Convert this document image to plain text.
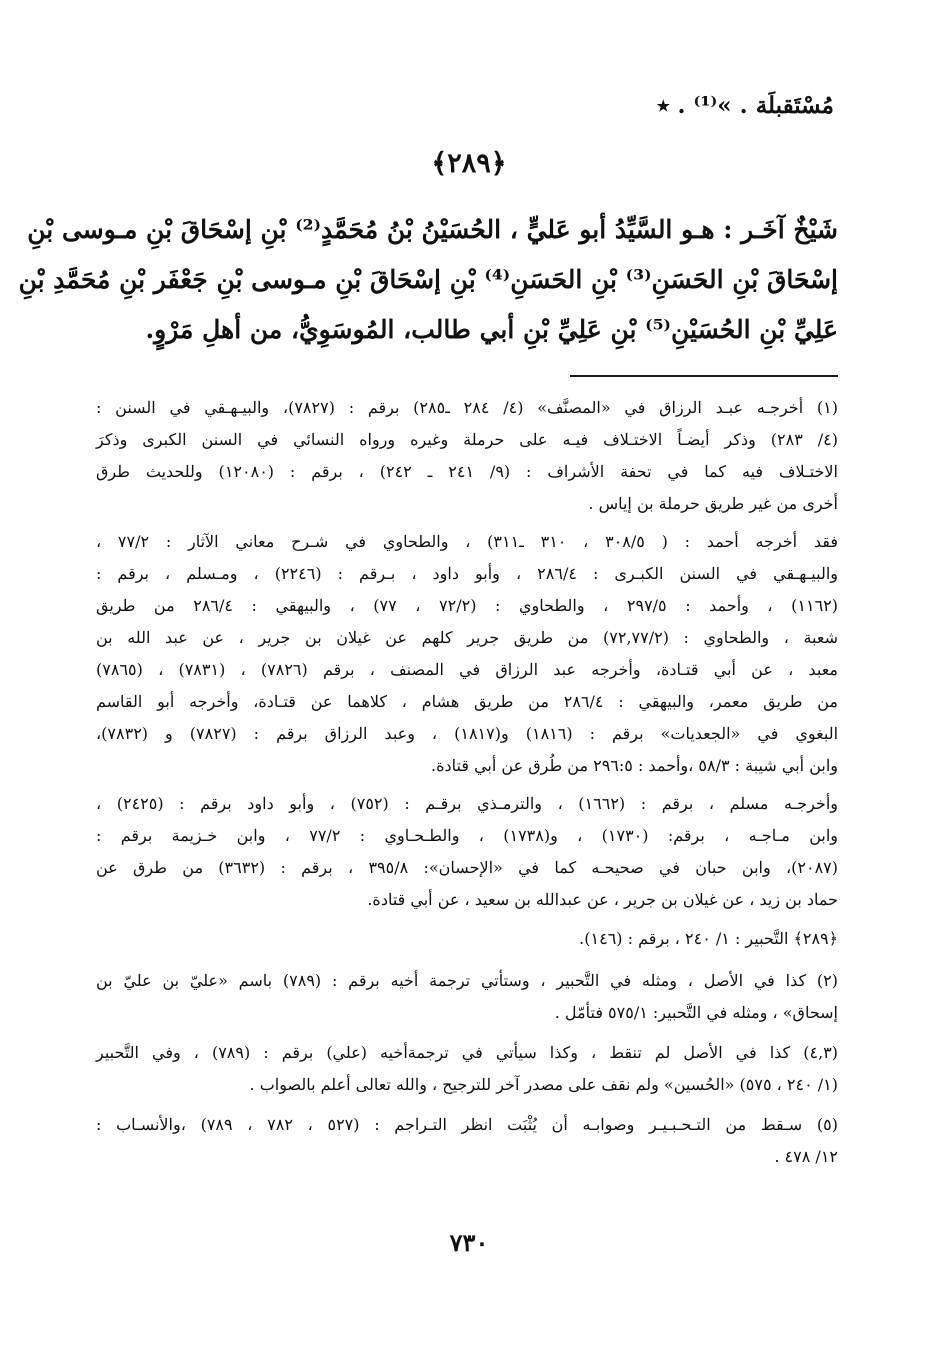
مُسْتَقبلَة . »⁽¹⁾ . ٭
﴿٢٨٩﴾
شَيْخٌ آخَـر : هـو السَّيِّدُ أبو عَليٍّ ، الحُسَيْنُ بْنُ مُحَمَّدٍ⁽²⁾ بْنِ إسْحَاقَ بْنِ مـوسى بْنِ
إسْحَاقَ بْنِ الحَسَنِ⁽³⁾ بْنِ الحَسَنِ⁽⁴⁾ بْنِ إسْحَاقَ بْنِ مـوسى بْنِ جَعْفَر بْنِ مُحَمَّدِ بْنِ
عَلِيِّ بْنِ الحُسَيْنِ⁽⁵⁾ بْنِ عَلِيِّ بْنِ أبي طالب، المُوسَوِيُّ، من أهلِ مَرْوٍ.
(١) أخرجـه عبـد الرزاق في «المصنَّف» (٤/ ٢٨٤ ـ٢٨٥) برقم : (٧٨٢٧)، والبيـهـقي في السنن :
(٤/ ٢٨٣) وذكر أيضـاً الاختـلاف فيـه على حرملة وغيره ورواه النسائي في السنن الكبرى وذكرَ
الاختـلاف فيه كما في تحفة الأشراف : (٩/ ٢٤١ ـ ٢٤٢) ، برقم : (١٢٠٨٠) وللحديث طرق
أخرى من غير طريق حرملة بن إياس .
فقد أخرجه أحمد : ( ٣٠٨/٥ ، ٣١٠ ـ٣١١) ، والطحاوي في شـرح معاني الآثار : ٧٧/٢ ،
والبيـهـقي في السنن الكبـرى : ٢٨٦/٤ ، وأبو داود ، بـرقم : (٢٢٤٦) ، ومـسلم ، برقم :
(١١٦٢) ، وأحمد : ٢٩٧/٥ ، والطحاوي : (٧٢/٢ ، ٧٧) ، والبيهقي : ٢٨٦/٤ من طريق
شعبة ، والطحاوي : (٧٢,٧٧/٢) من طريق جرير كلهم عن غيلان بن جرير ، عن عبد الله بن
معبد ، عن أبي قتـادة، وأخرجه عبد الرزاق في المصنف ، برقم (٧٨٢٦) ، (٧٨٣١) ، (٧٨٦٥)
من طريق معمر، والبيهقي : ٢٨٦/٤ من طريق هشام ، كلاهما عن قتـادة، وأخرجه أبو القاسم
البغوي في «الجعديات» برقم : (١٨١٦) و(١٨١٧) ، وعبد الرزاق برقم : (٧٨٢٧) و (٧٨٣٢)،
وابن أبي شيبة : ٥٨/٣ ،وأحمد : ٢٩٦:٥ من طُرق عن أبي قتادة.
وأخرجـه مسلم ، برقم : (١٦٦٢) ، والترمـذي برقـم : (٧٥٢) ، وأبو داود برقم : (٢٤٢٥) ،
وابن مـاجـه ، برقم: (١٧٣٠) ، و(١٧٣٨) ، والطـحـاوي : ٧٧/٢ ، وابن خـزيمة برقم :
(٢٠٨٧)، وابن حبان في صحيحـه كما في «الإحسان»: ٣٩٥/٨ ، برقم : (٣٦٣٢) من طرق عن
حماد بن زيد ، عن غيلان بن جرير ، عن عبدالله بن سعيد ، عن أبي قتادة.
﴿٢٨٩﴾ التَّحبير : ١/ ٢٤٠ ، برقم : (١٤٦).
(٢) كذا في الأصل ، ومثله في التَّحبير ، وستأتي ترجمة أخيه برقم : (٧٨٩) باسم «عليّ بن عليّ بن
إسحاق» ، ومثله في التَّحبير: ٥٧٥/١ فتأمّل .
(٤,٣) كذا في الأصل لم تنقط ، وكذا سيأتي في ترجمةأخيه (علي) برقم : (٧٨٩) ، وفي التَّحبير
(١/ ٢٤٠ ، ٥٧٥) «الحُسين» ولم نقف على مصدر آخر للترجيح ، والله تعالى أعلم بالصواب .
(٥) سـقط من التـحـبـيـر وصوابـه أن يُثْبَت انظر التـراجم : (٥٢٧ ، ٧٨٢ ، ٧٨٩) ،والأنسـاب :
١٢/ ٤٧٨ .
٧٣٠
